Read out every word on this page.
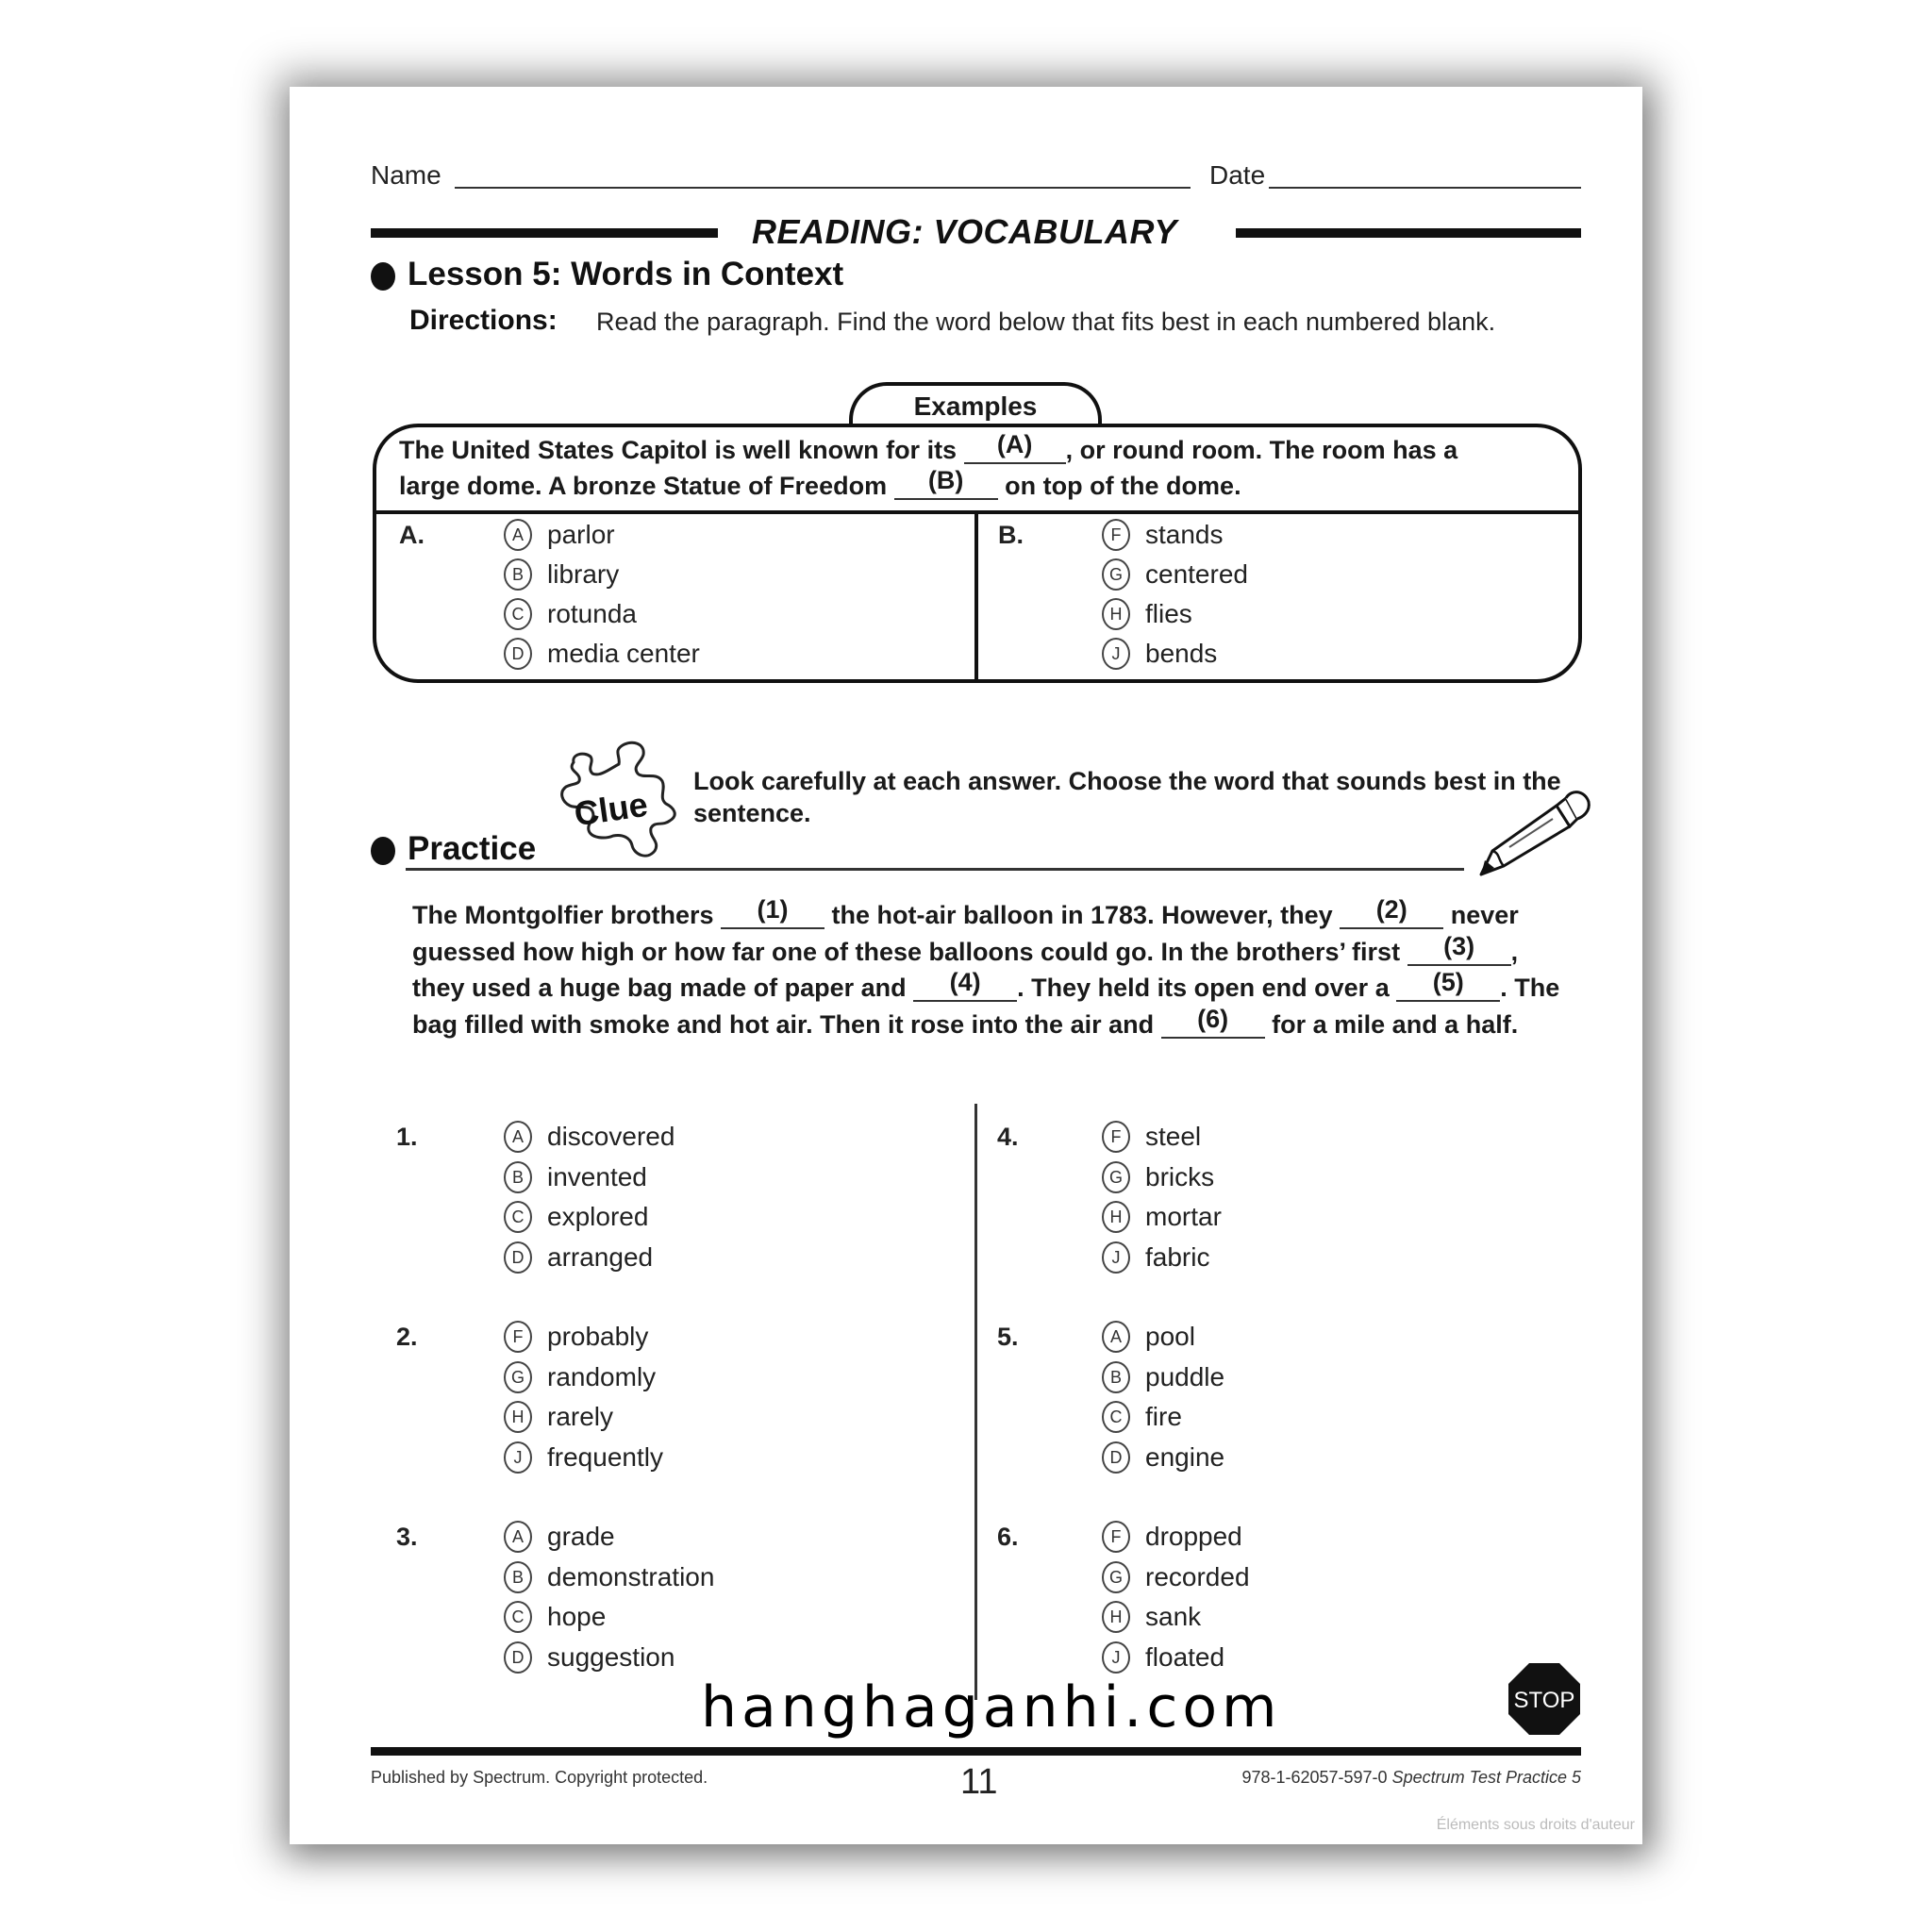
Name	Date
READING: VOCABULARY
Lesson 5: Words in Context
Directions: Read the paragraph. Find the word below that fits best in each numbered blank.
Examples
The United States Capitol is well known for its (A) , or round room. The room has a
large dome. A bronze Statue of Freedom (B) on top of the dome.
A.	A parlor
B library
C rotunda
D media center
B.	F stands
G centered
H flies
J bends
Clue
Look carefully at each answer. Choose the word that sounds best in the sentence.
Practice
The Montgolfier brothers (1) the hot-air balloon in 1783. However, they (2) never guessed how high or how far one of these balloons could go. In the brothers’ first (3) , they used a huge bag made of paper and (4) . They held its open end over a (5) . The bag filled with smoke and hot air. Then it rose into the air and (6) for a mile and a half.
1.	A discovered
B invented
C explored
D arranged
2.	F probably
G randomly
H rarely
J frequently
3.	A grade
B demonstration
C hope
D suggestion
4.	F steel
G bricks
H mortar
J fabric
5.	A pool
B puddle
C fire
D engine
6.	F dropped
G recorded
H sank
J floated
STOP
hanghaganhi.com
Published by Spectrum. Copyright protected.	11	978-1-62057-597-0 Spectrum Test Practice 5
Éléments sous droits d'auteur
